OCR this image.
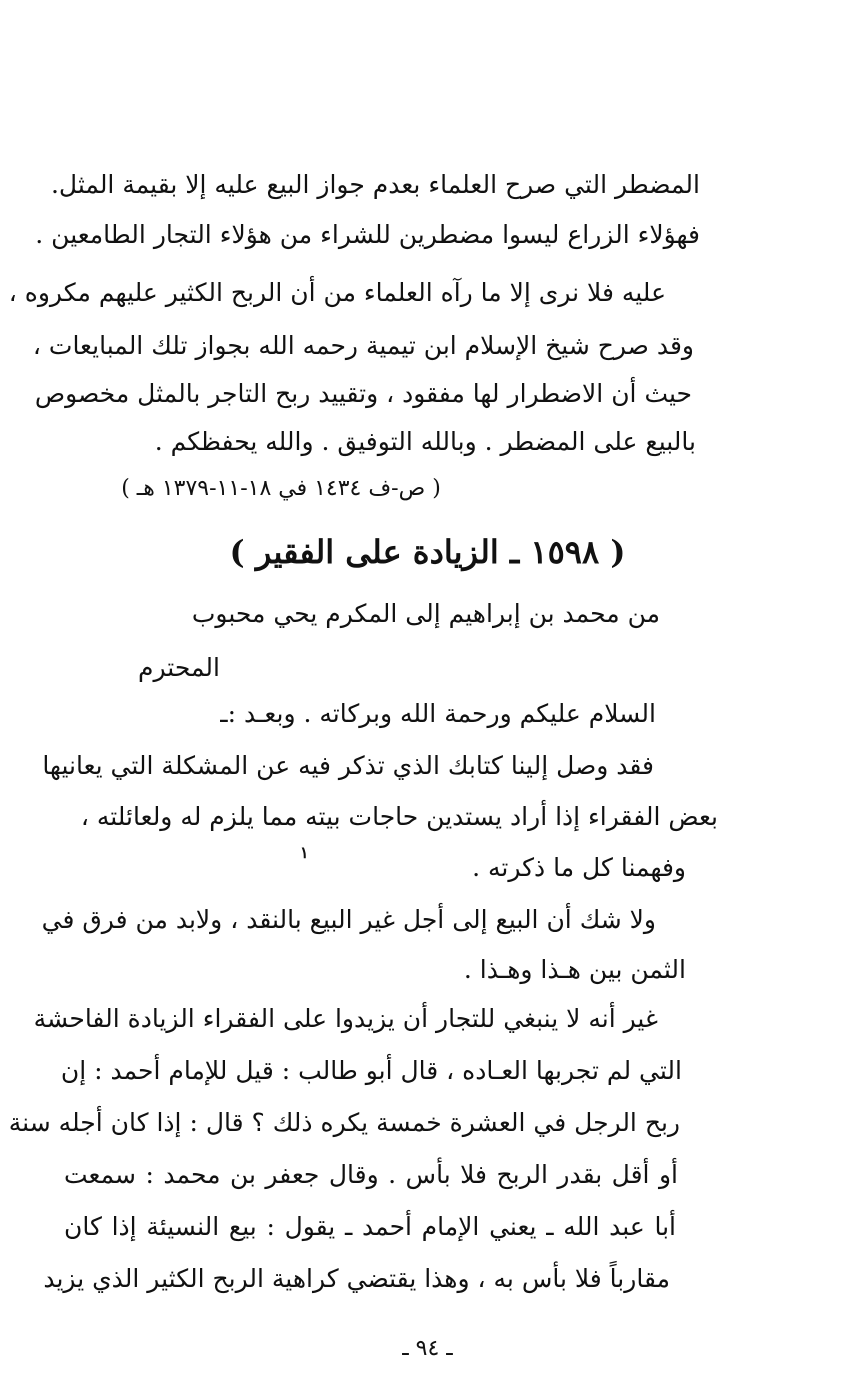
المضطر التي صرح العلماء بعدم جواز البيع عليه إلا بقيمة المثل.
فهؤلاء الزراع ليسوا مضطرين للشراء من هؤلاء التجار الطامعين .
عليه فلا نرى إلا ما رآه العلماء من أن الربح الكثير عليهم مكروه ،
وقد صرح شيخ الإسلام ابن تيمية رحمه الله بجواز تلك المبايعات ،
حيث أن الاضطرار لها مفقود ، وتقييد ربح التاجر بالمثل مخصوص
بالبيع على المضطر . وبالله التوفيق . والله يحفظكم .
( ص-ف ١٤٣٤ في ١٨-١١-١٣٧٩ هـ )
( ١٥٩٨ ـ الزيادة على الفقير )
من محمد بن إبراهيم إلى المكرم يحي محبوب
المحترم
السلام عليكم ورحمة الله وبركاته . وبعـد :ـ
فقد وصل إلينا كتابك الذي تذكر فيه عن المشكلة التي يعانيها
بعض الفقراء إذا أراد يستدين حاجات بيته مما يلزم له ولعائلته ،
وفهمنا كل ما ذكرته .
١
ولا شك أن البيع إلى أجل غير البيع بالنقد ، ولابد من فرق في
الثمن بين هـذا وهـذا .
غير أنه لا ينبغي للتجار أن يزيدوا على الفقراء الزيادة الفاحشة
التي لم تجربها العـاده ، قال أبو طالب : قيل للإمام أحمد : إن
ربح الرجل في العشرة خمسة يكره ذلك ؟ قال : إذا كان أجله سنة
أو أقل بقدر الربح فلا بأس . وقال جعفر بن محمد : سمعت
أبا عبد الله ـ يعني الإمام أحمد ـ يقول : بيع النسيئة إذا كان
مقارباً فلا بأس به ، وهذا يقتضي كراهية الربح الكثير الذي يزيد
ـ ٩٤ ـ
